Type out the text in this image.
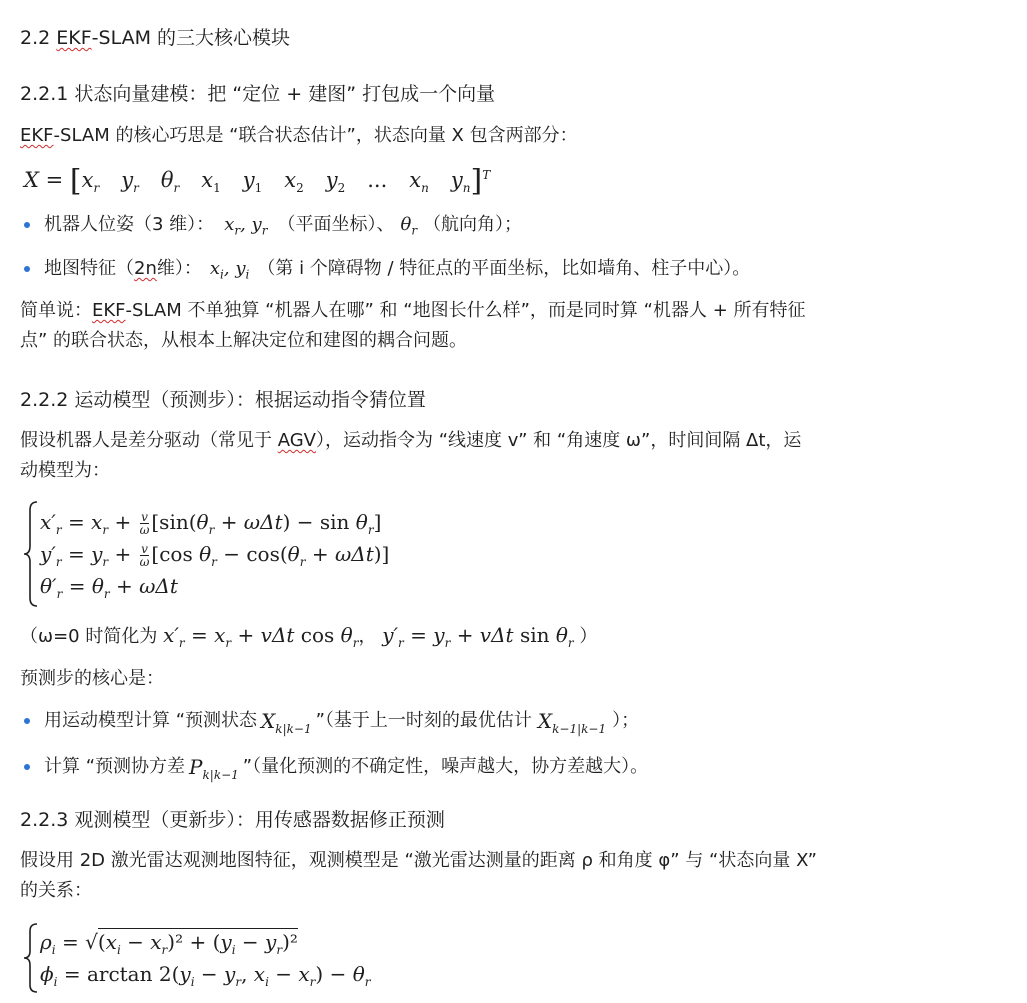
2.2 EKF-SLAM 的三大核心模块
2.2.1 状态向量建模：把 “定位 + 建图” 打包成一个向量
EKF-SLAM 的核心巧思是 “联合状态估计”，状态向量 X 包含两部分：
$X = [x_r$ $y_r$ $\theta_r$ $x_1$ $y_1$ $x_2$ $y_2$ ... $x_n$ $y_n]^T$
机器人位姿（3 维）： $x_r$, $y_r$ （平面坐标）、 $\theta_r$ （航向角）；
地图特征（ 2n 维）： $x_i$, $y_i$ （第 i 个障碍物 / 特征点的平面坐标，比如墙角、柱子中心）。
简单说：EKF-SLAM 不单独算 “机器人在哪” 和 “地图长什么样”，而是同时算 “机器人 + 所有特征
点” 的联合状态，从根本上解决定位和建图的耦合问题。
2.2.2 运动模型（预测步）：根据运动指令猜位置
假设机器人是差分驱动（常见于 AGV），运动指令为 “线速度 v” 和 “角速度 ω”，时间间隔 Δt，运
动模型为：
$x'_r = x_r + \frac{v}{\omega} [\sin(\theta_r + \omega\Delta t) - \sin \theta_r]$
$y'_r = y_r + \frac{v}{\omega} [\cos$ $\theta_r - \cos(\theta_r + \omega\Delta t)$]
$\theta'_r = \theta_r + \omega\Delta t$
（ω=0 时简化为 $x'_r = x_r + v\Delta t$ $\cos \theta_r$， $y'_r = y_r + v\Delta t$ $\sin \theta_r$ ）
预测步的核心是：
用运动模型计算 “预测状态 $X_{k|k-1}$ ”（基于上一时刻的最优估计 $X_{k-1|k-1}$ ）；
计算 “预测协方差 $P_{k|k-1}$ ”（量化预测的不确定性，噪声越大，协方差越大）。
2.2.3 观测模型（更新步）：用传感器数据修正预测
假设用 2D 激光雷达观测地图特征，观测模型是 “激光雷达测量的距离 ρ 和角度 φ” 与 “状态向量 X”
的关系：
$\rho_i = √(x_i - x_r)^2 + (y_i - y_r)^2$
$\phi_i = \arctan 2(y_i - y_r$, $x_i - x_r) - \theta_r$
